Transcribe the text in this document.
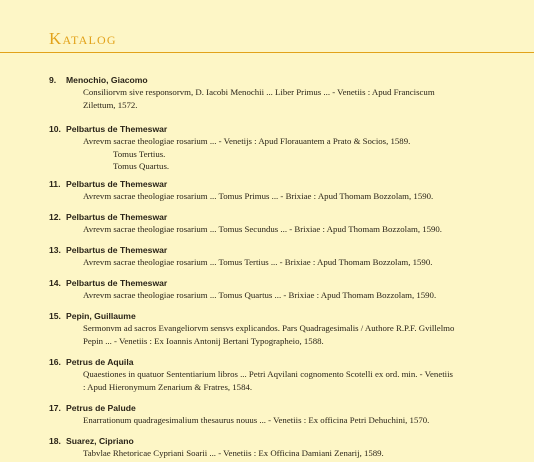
Katalog
9. Menochio, Giacomo
Consiliorvm sive responsorvm, D. Iacobi Menochii ... Liber Primus ... - Venetiis : Apud Franciscum
Zilettum, 1572.
10. Pelbartus de Themeswar
Avrevm sacrae theologiae rosarium ... - Venetijs : Apud Florauantem a Prato & Socios, 1589.
Tomus Tertius.
Tomus Quartus.
11. Pelbartus de Themeswar
Avrevm sacrae theologiae rosarium ... Tomus Primus ... - Brixiae : Apud Thomam Bozzolam, 1590.
12. Pelbartus de Themeswar
Avrevm sacrae theologiae rosarium ... Tomus Secundus ... - Brixiae : Apud Thomam Bozzolam, 1590.
13. Pelbartus de Themeswar
Avrevm sacrae theologiae rosarium ... Tomus Tertius ... - Brixiae : Apud Thomam Bozzolam, 1590.
14. Pelbartus de Themeswar
Avrevm sacrae theologiae rosarium ... Tomus Quartus ... - Brixiae : Apud Thomam Bozzolam, 1590.
15. Pepin, Guillaume
Sermonvm ad sacros Evangeliorvm sensvs explicandos. Pars Quadragesimalis / Authore R.P.F. Gvillelmo
Pepin ... - Venetiis : Ex Ioannis Antonij Bertani Typographeio, 1588.
16. Petrus de Aquila
Quaestiones in quatuor Sententiarium libros ... Petri Aqvilani cognomento Scotelli ex ord. min. - Venetiis
: Apud Hieronymum Zenarium & Fratres, 1584.
17. Petrus de Palude
Enarrationum quadragesimalium thesaurus nouus ... - Venetiis : Ex officina Petri Dehuchini, 1570.
18. Suarez, Cipriano
Tabvlae Rhetoricae Cypriani Soarii ... - Venetiis : Ex Officina Damiani Zenarij, 1589.
